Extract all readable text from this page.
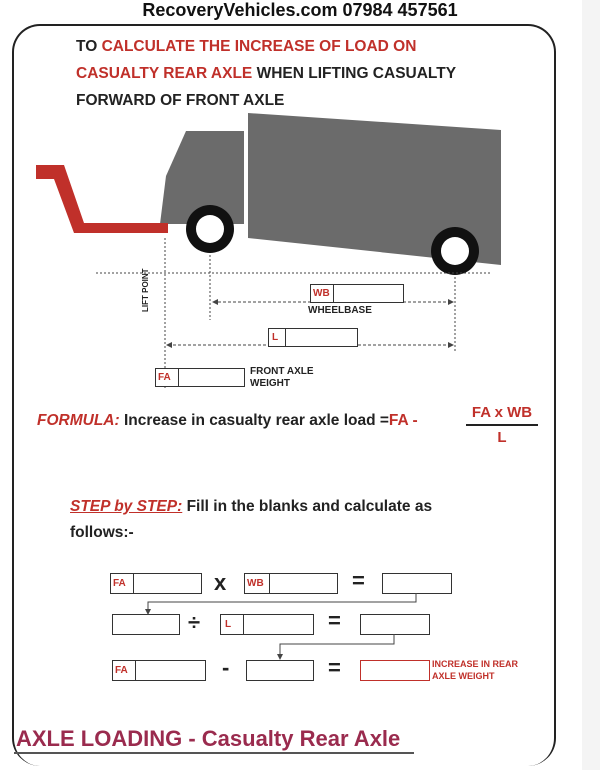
RecoveryVehicles.com 07984 457561
TO CALCULATE THE INCREASE OF LOAD ON
CASUALTY REAR AXLE WHEN LIFTING CASUALTY
FORWARD OF FRONT AXLE
LIFT POINT	WB
WHEELBASE
L
FA
FRONT AXLE WEIGHT
FORMULA: Increase in casualty rear axle load =FA -	FA x WB
L
STEP by STEP: Fill in the blanks and calculate as
follows:-
FA	x WB	=
÷ L	=
FA	-	=	INCREASE IN REAR AXLE WEIGHT
AXLE LOADING - Casualty Rear Axle
